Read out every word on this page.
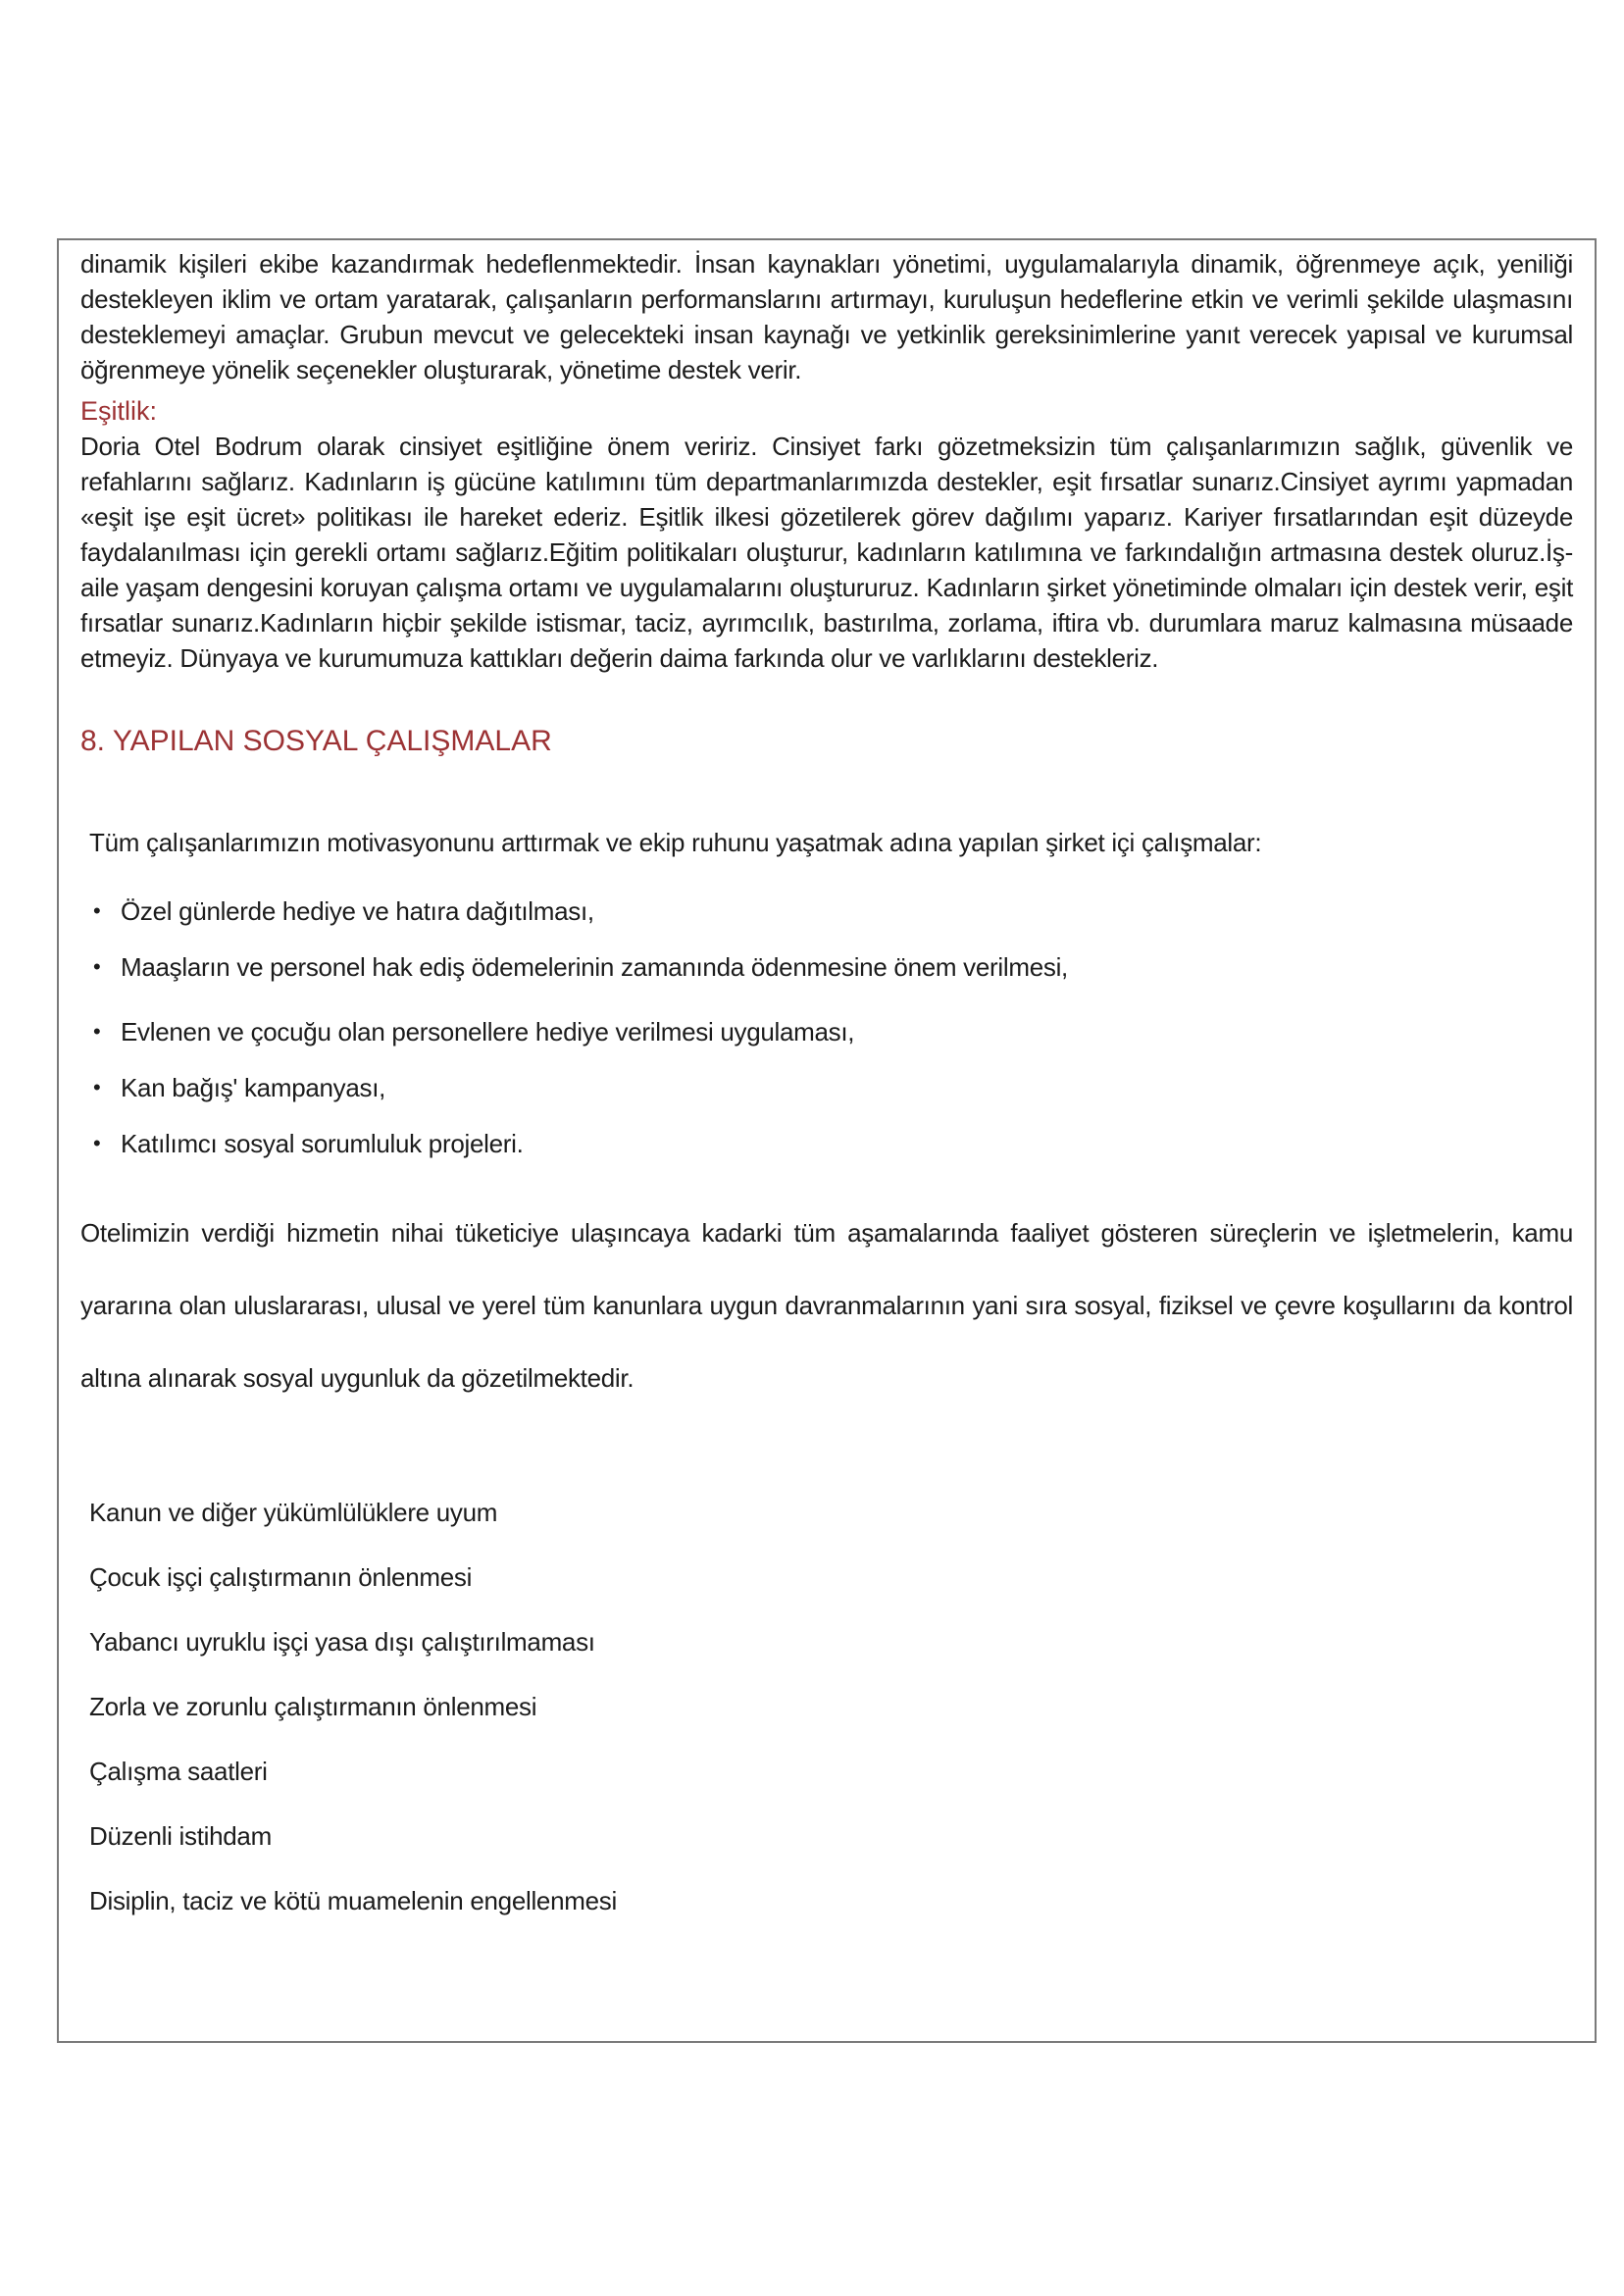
dinamik kişileri ekibe kazandırmak hedeflenmektedir. İnsan kaynakları yönetimi, uygulamalarıyla dinamik, öğrenmeye açık, yeniliği destekleyen iklim ve ortam yaratarak, çalışanların performanslarını artırmayı, kuruluşun hedeflerine etkin ve verimli şekilde ulaşmasını desteklemeyi amaçlar. Grubun mevcut ve gelecekteki insan kaynağı ve yetkinlik gereksinimlerine yanıt verecek yapısal ve kurumsal öğrenmeye yönelik seçenekler oluşturarak, yönetime destek verir.

Eşitlik:

Doria Otel Bodrum olarak cinsiyet eşitliğine önem veririz. Cinsiyet farkı gözetmeksizin tüm çalışanlarımızın sağlık, güvenlik ve refahlarını sağlarız. Kadınların iş gücüne katılımını tüm departmanlarımızda destekler, eşit fırsatlar sunarız.Cinsiyet ayrımı yapmadan «eşit işe eşit ücret» politikası ile hareket ederiz. Eşitlik ilkesi gözetilerek görev dağılımı yaparız. Kariyer fırsatlarından eşit düzeyde faydalanılması için gerekli ortamı sağlarız.Eğitim politikaları oluşturur, kadınların katılımına ve farkındalığın artmasına destek oluruz.İş-aile yaşam dengesini koruyan çalışma ortamı ve uygulamalarını oluştururuz. Kadınların şirket yönetiminde olmaları için destek verir, eşit fırsatlar sunarız.Kadınların hiçbir şekilde istismar, taciz, ayrımcılık, bastırılma, zorlama, iftira vb. durumlara maruz kalmasına müsaade etmeyiz. Dünyaya ve kurumumuza kattıkları değerin daima farkında olur ve varlıklarını destekleriz.

8. YAPILAN SOSYAL ÇALIŞMALAR
Tüm çalışanlarımızın motivasyonunu arttırmak ve ekip ruhunu yaşatmak adına yapılan şirket içi çalışmalar:
• Özel günlerde hediye ve hatıra dağıtılması,
• Maaşların ve personel hak ediş ödemelerinin zamanında ödenmesine önem verilmesi,
• Evlenen ve çocuğu olan personellere hediye verilmesi uygulaması,
• Kan bağış' kampanyası,
• Katılımcı sosyal sorumluluk projeleri.

Otelimizin verdiği hizmetin nihai tüketiciye ulaşıncaya kadarki tüm aşamalarında faaliyet gösteren süreçlerin ve işletmelerin, kamu yararına olan uluslararası, ulusal ve yerel tüm kanunlara uygun davranmalarının yani sıra sosyal, fiziksel ve çevre koşullarını da kontrol altına alınarak sosyal uygunluk da gözetilmektedir.

Kanun ve diğer yükümlülüklere uyum
Çocuk işçi çalıştırmanın önlenmesi
Yabancı uyruklu işçi yasa dışı çalıştırılmaması
Zorla ve zorunlu çalıştırmanın önlenmesi
Çalışma saatleri
Düzenli istihdam
Disiplin, taciz ve kötü muamelenin engellenmesi
